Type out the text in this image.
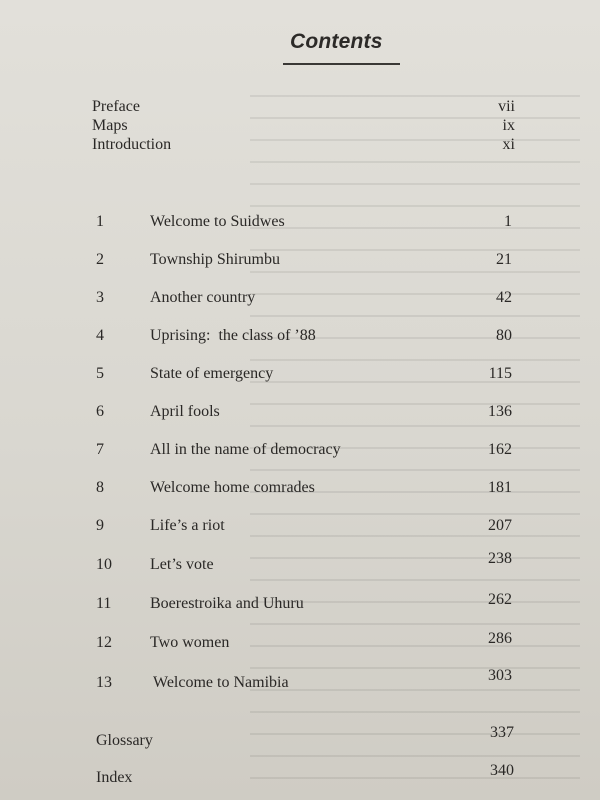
Contents
Preface	vii
Maps	ix
Introduction	xi
1	Welcome to Suidwes	1
2	Township Shirumbu	21
3	Another country	42
4	Uprising:  the class of ’88	80
5	State of emergency	115
6	April fools	136
7	All in the name of democracy	162
8	Welcome home comrades	181
9	Life’s a riot	207
10 Let’s vote	238
11 Boerestroika and Uhuru	262
12 Two women	286
13	Welcome to Namibia	303
Glossary	337
Index	340
